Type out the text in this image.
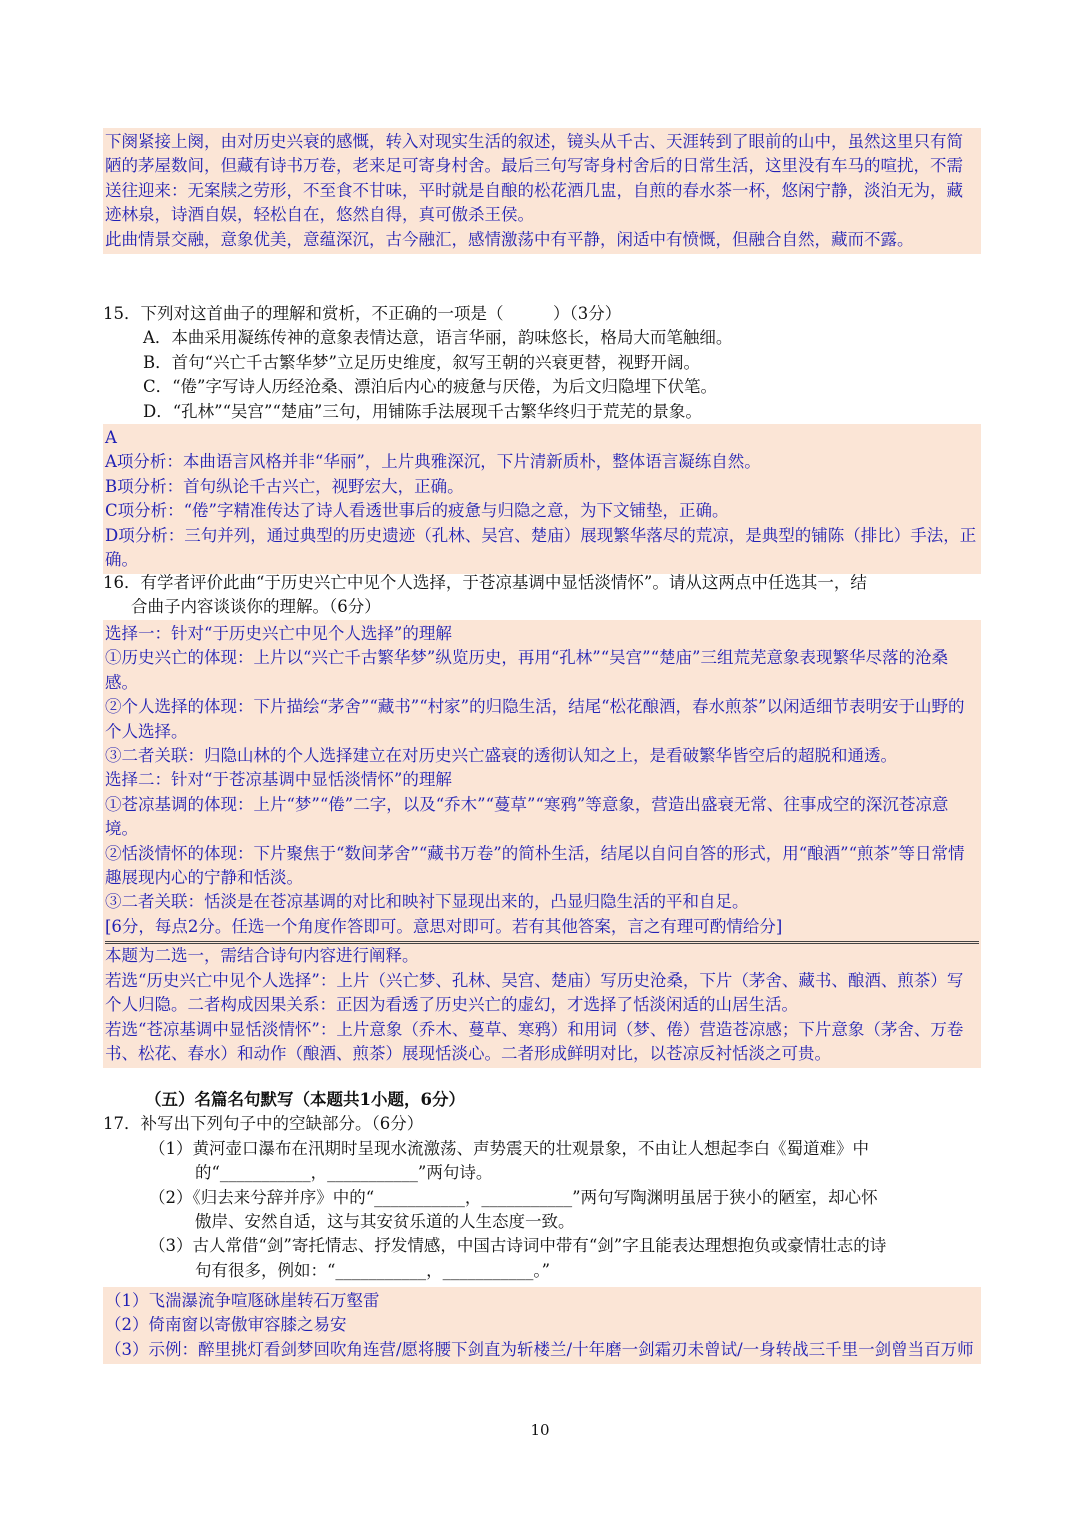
下阕紧接上阕，由对历史兴衰的感慨，转入对现实生活的叙述，镜头从千古、天涯转到了眼前的山中，虽然这里只有简陋的茅屋数间，但藏有诗书万卷，老来足可寄身村舍。最后三句写寄身村舍后的日常生活，这里没有车马的喧扰，不需送往迎来：无案牍之劳形，不至食不甘味，平时就是自酿的松花酒几盅，自煎的春水茶一杯，悠闲宁静，淡泊无为，藏迹林泉，诗酒自娱，轻松自在，悠然自得，真可傲杀王侯。

此曲情景交融，意象优美，意蕴深沉，古今融汇，感情激荡中有平静，闲适中有愤慨，但融合自然，藏而不露。

15．下列对这首曲子的理解和赏析，不正确的一项是（　　　）（3分）

A．本曲采用凝练传神的意象表情达意，语言华丽，韵味悠长，格局大而笔触细。

B．首句“兴亡千古繁华梦”立足历史维度，叙写王朝的兴衰更替，视野开阔。

C．“倦”字写诗人历经沧桑、漂泊后内心的疲惫与厌倦，为后文归隐埋下伏笔。

D．“孔林”“吴宫”“楚庙”三句，用铺陈手法展现千古繁华终归于荒芜的景象。

A

A项分析：本曲语言风格并非“华丽”，上片典雅深沉，下片清新质朴，整体语言凝练自然。

B项分析：首句纵论千古兴亡，视野宏大，正确。

C项分析：“倦”字精准传达了诗人看透世事后的疲惫与归隐之意，为下文铺垫，正确。

D项分析：三句并列，通过典型的历史遗迹（孔林、吴宫、楚庙）展现繁华落尽的荒凉，是典型的铺陈（排比）手法，正确。

16．有学者评价此曲“于历史兴亡中见个人选择，于苍凉基调中显恬淡情怀”。请从这两点中任选其一，结

合曲子内容谈谈你的理解。（6分）

选择一：针对“于历史兴亡中见个人选择”的理解

①历史兴亡的体现：上片以“兴亡千古繁华梦”纵览历史，再用“孔林”“吴宫”“楚庙”三组荒芜意象表现繁华尽落的沧桑感。

②个人选择的体现：下片描绘“茅舍”“藏书”“村家”的归隐生活，结尾“松花酿酒，春水煎茶”以闲适细节表明安于山野的个人选择。

③二者关联：归隐山林的个人选择建立在对历史兴亡盛衰的透彻认知之上，是看破繁华皆空后的超脱和通透。

选择二：针对“于苍凉基调中显恬淡情怀”的理解

①苍凉基调的体现：上片“梦”“倦”二字，以及“乔木”“蔓草”“寒鸦”等意象，营造出盛衰无常、往事成空的深沉苍凉意境。

②恬淡情怀的体现：下片聚焦于“数间茅舍”“藏书万卷”的简朴生活，结尾以自问自答的形式，用“酿酒”“煎茶”等日常情趣展现内心的宁静和恬淡。

③二者关联：恬淡是在苍凉基调的对比和映衬下显现出来的，凸显归隐生活的平和自足。

[6分，每点2分。任选一个角度作答即可。意思对即可。若有其他答案，言之有理可酌情给分]

本题为二选一，需结合诗句内容进行阐释。

若选“历史兴亡中见个人选择”：上片（兴亡梦、孔林、吴宫、楚庙）写历史沧桑，下片（茅舍、藏书、酿酒、煎茶）写个人归隐。二者构成因果关系：正因为看透了历史兴亡的虚幻，才选择了恬淡闲适的山居生活。

若选“苍凉基调中显恬淡情怀”：上片意象（乔木、蔓草、寒鸦）和用词（梦、倦）营造苍凉感；下片意象（茅舍、万卷书、松花、春水）和动作（酿酒、煎茶）展现恬淡心。二者形成鲜明对比，以苍凉反衬恬淡之可贵。

（五）名篇名句默写（本题共1小题，6分）

17．补写出下列句子中的空缺部分。（6分）

（1）黄河壶口瀑布在汛期时呈现水流激荡、声势震天的壮观景象，不由让人想起李白《蜀道难》中

的“___________，___________”两句诗。

（2）《归去来兮辞并序》中的“___________，___________”两句写陶渊明虽居于狭小的陋室，却心怀

傲岸、安然自适，这与其安贫乐道的人生态度一致。

（3）古人常借“剑”寄托情志、抒发情感，中国古诗词中带有“剑”字且能表达理想抱负或豪情壮志的诗

句有很多，例如：“___________，___________。”

（1）飞湍瀑流争喧豗砯崖转石万壑雷

（2）倚南窗以寄傲审容膝之易安

（3）示例：醉里挑灯看剑梦回吹角连营/愿将腰下剑直为斩楼兰/十年磨一剑霜刃未曾试/一身转战三千里一剑曾当百万师

10
